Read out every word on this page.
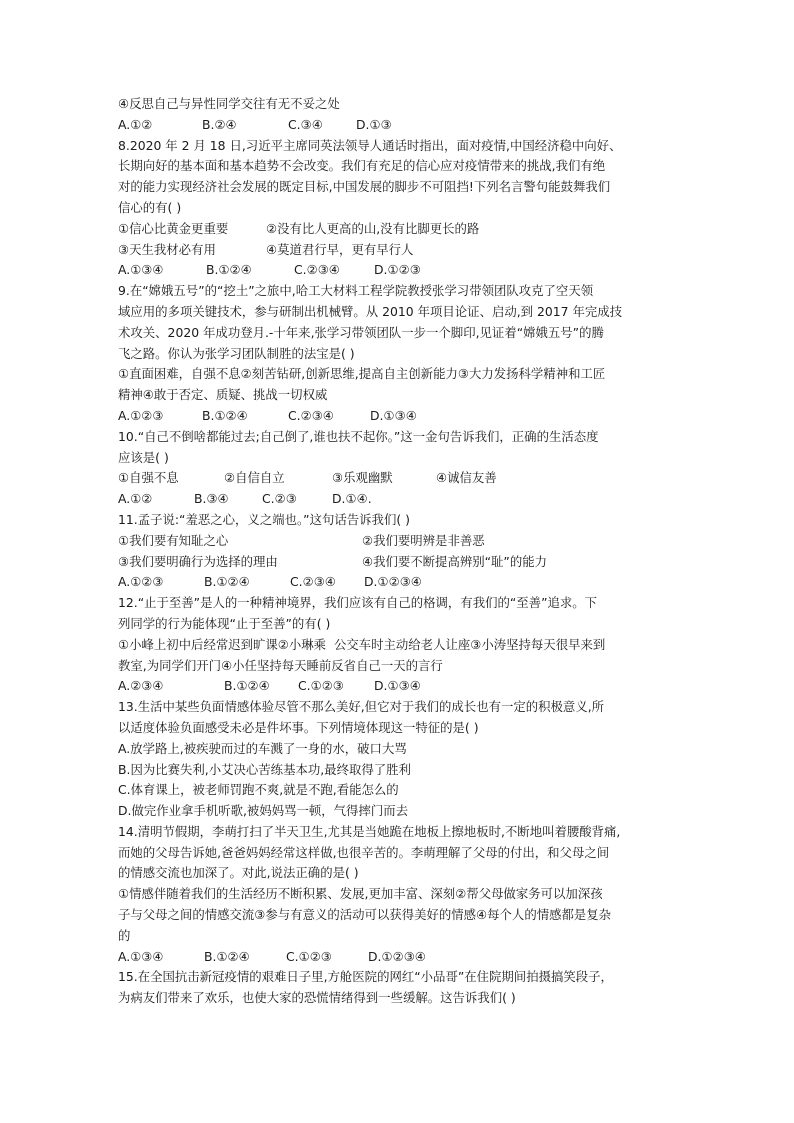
④反思自己与异性同学交往有无不妥之处
A.①②	B.②④	C.③④	D.①③
8.2020 年 2 月 18 日,习近平主席同英法领导人通话时指出，面对疫情,中国经济稳中向好、
长期向好的基本面和基本趋势不会改变。我们有充足的信心应对疫情带来的挑战,我们有绝
对的能力实现经济社会发展的既定目标,中国发展的脚步不可阻挡!下列名言警句能鼓舞我们
信心的有( )
①信心比黄金更重要	②没有比人更高的山,没有比脚更长的路
③天生我材必有用	④莫道君行早，更有早行人
A.①③④	B.①②④	C.②③④	D.①②③
9.在“嫦娥五号”的“挖土”之旅中,哈工大材料工程学院教授张学习带领团队攻克了空天领
域应用的多项关键技术，参与研制出机械臂。从 2010 年项目论证、启动,到 2017 年完成技
术攻关、2020 年成功登月.-十年来,张学习带领团队一步一个脚印,见证着“嫦娥五号”的腾
飞之路。你认为张学习团队制胜的法宝是( )
①直面困难，自强不息②刻苦钻研,创新思维,提高自主创新能力③大力发扬科学精神和工匠
精神④敢于否定、质疑、挑战一切权威
A.①②③	B.①②④	C.②③④	D.①③④
10.“自己不倒啥都能过去;自己倒了,谁也扶不起你。”这一金句告诉我们，正确的生活态度
应该是( )
①自强不息	②自信自立	③乐观幽默	④诚信友善
A.①②	B.③④	C.②③	D.①④.
11.孟子说:“羞恶之心，义之端也。”这句话告诉我们( )
①我们要有知耻之心	②我们要明辨是非善恶
③我们要明确行为选择的理由	④我们要不断提高辨别“耻”的能力
A.①②③	B.①②④	C.②③④ D.①②③④
12.“止于至善”是人的一种精神境界，我们应该有自己的格调，有我们的“至善”追求。下
列同学的行为能体现“止于至善”的有( )
①小峰上初中后经常迟到旷课②小琳乘  公交车时主动给老人让座③小涛坚持每天很早来到
教室,为同学们开门④小任坚持每天睡前反省自己一天的言行
A.②③④	B.①②④ C.①②③ D.①③④
13.生活中某些负面情感体验尽管不那么美好,但它对于我们的成长也有一定的积极意义,所
以适度体验负面感受未必是件坏事。下列情境体现这一特征的是( )
A.放学路上,被疾驶而过的车溅了一身的水，破口大骂
B.因为比赛失利,小艾决心苦练基本功,最终取得了胜利
C.体育课上，被老师罚跑不爽,就是不跑,看能怎么的
D.做完作业拿手机听歌,被妈妈骂一顿，气得摔门而去
14.清明节假期，李萌打扫了半天卫生,尤其是当她跪在地板上擦地板时,不断地叫着腰酸背痛,
而她的父母告诉她,爸爸妈妈经常这样做,也很辛苦的。李萌理解了父母的付出，和父母之间
的情感交流也加深了。对此,说法正确的是( )
①情感伴随着我们的生活经历不断积累、发展,更加丰富、深刻②帮父母做家务可以加深孩
子与父母之间的情感交流③参与有意义的活动可以获得美好的情感④每个人的情感都是复杂
的
A.①③④	B.①②④	C.①②③	D.①②③④
15.在全国抗击新冠疫情的艰难日子里,方舱医院的网红“小品哥”在住院期间拍摄搞笑段子，
为病友们带来了欢乐，也使大家的恐慌情绪得到一些缓解。这告诉我们( )
